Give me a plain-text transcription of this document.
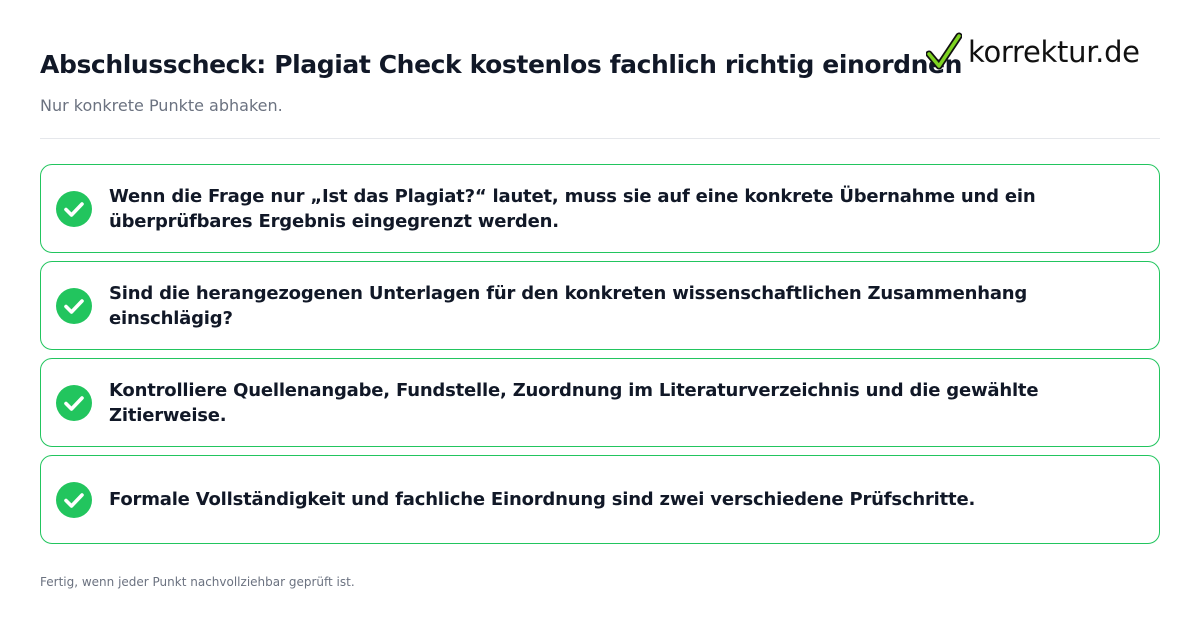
Abschlusscheck: Plagiat Check kostenlos fachlich richtig einordnen
Nur konkrete Punkte abhaken.
korrektur.de
Wenn die Frage nur „Ist das Plagiat?“ lautet, muss sie auf eine konkrete Übernahme und ein überprüfbares Ergebnis eingegrenzt werden.
Sind die herangezogenen Unterlagen für den konkreten wissenschaftlichen Zusammenhang einschlägig?
Kontrolliere Quellenangabe, Fundstelle, Zuordnung im Literaturverzeichnis und die gewählte Zitierweise.
Formale Vollständigkeit und fachliche Einordnung sind zwei verschiedene Prüfschritte.
Fertig, wenn jeder Punkt nachvollziehbar geprüft ist.
